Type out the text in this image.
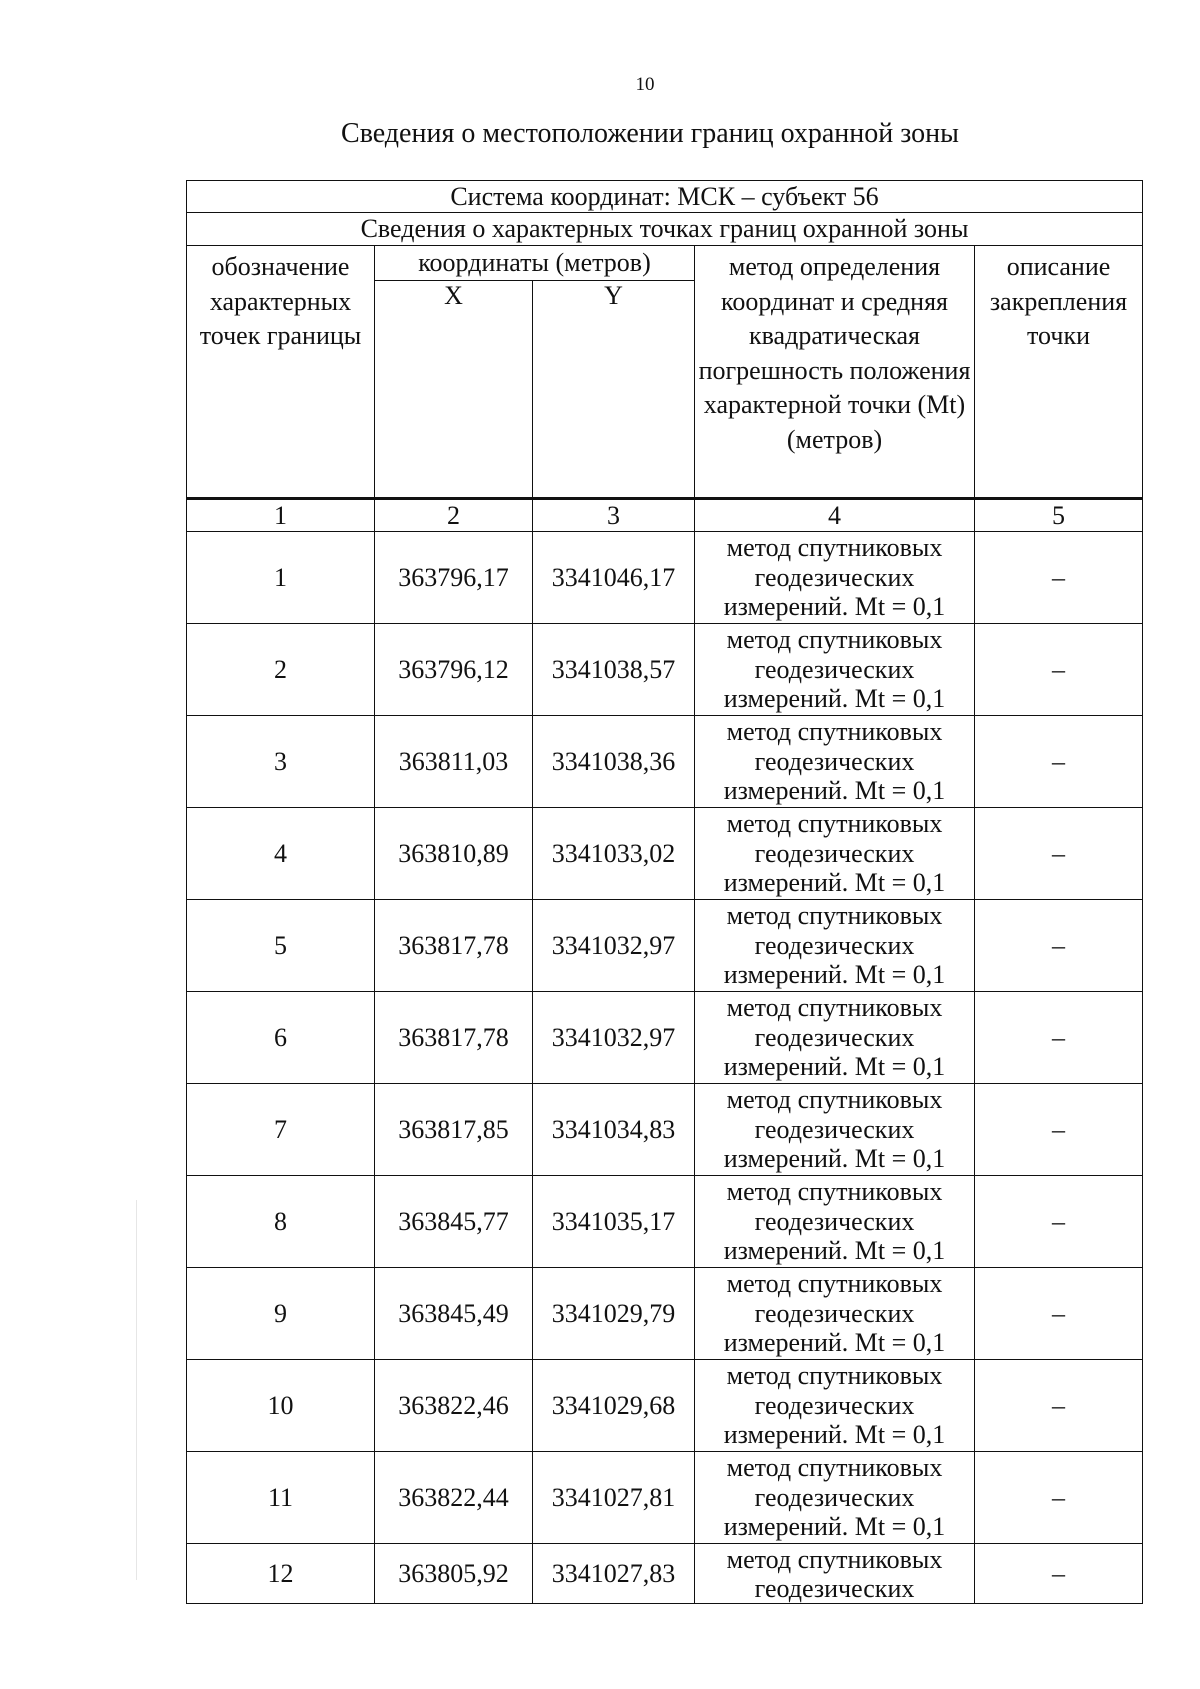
10
Сведения о местоположении границ охранной зоны
Система координат: МСК – субъект 56				
Сведения о характерных точках границ охранной зоны				
обозначение характерных точек границы	координаты (метров)		метод определения координат и средняя квадратическая погрешность положения характерной точки (Mt) (метров)	описание закрепления точки
	X	Y		

1	2	3	4	5
1	363796,17	3341046,17	метод спутниковых геодезических измерений. Mt = 0,1	–
2	363796,12	3341038,57	метод спутниковых геодезических измерений. Mt = 0,1	–
3	363811,03	3341038,36	метод спутниковых геодезических измерений. Mt = 0,1	–
4	363810,89	3341033,02	метод спутниковых геодезических измерений. Mt = 0,1	–
5	363817,78	3341032,97	метод спутниковых геодезических измерений. Mt = 0,1	–
6	363817,78	3341032,97	метод спутниковых геодезических измерений. Mt = 0,1	–
7	363817,85	3341034,83	метод спутниковых геодезических измерений. Mt = 0,1	–
8	363845,77	3341035,17	метод спутниковых геодезических измерений. Mt = 0,1	–
9	363845,49	3341029,79	метод спутниковых геодезических измерений. Mt = 0,1	–
10	363822,46	3341029,68	метод спутниковых геодезических измерений. Mt = 0,1	–
11	363822,44	3341027,81	метод спутниковых геодезических измерений. Mt = 0,1	–
12	363805,92	3341027,83	метод спутниковых геодезических	–
